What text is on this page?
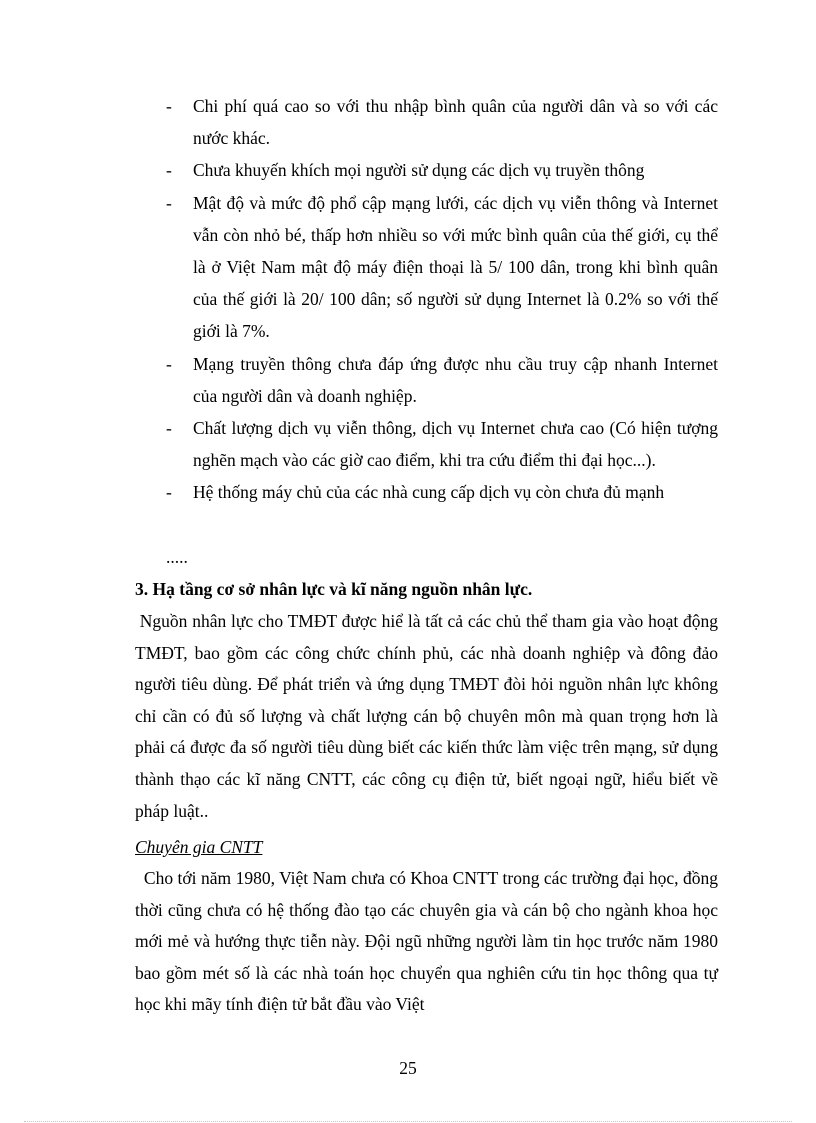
- Chi phí quá cao so với thu nhập bình quân của người dân và so với các nước khác.
- Chưa khuyến khích mọi người sử dụng các dịch vụ truyền thông
- Mật độ và mức độ phổ cập mạng lưới, các dịch vụ viễn thông và Internet vẫn còn nhỏ bé, thấp hơn nhiều so với mức bình quân của thế giới, cụ thể là ở Việt Nam mật độ máy điện thoại là 5/ 100 dân, trong khi bình quân của thế giới là 20/ 100 dân; số người sử dụng Internet là 0.2% so với thế giới là 7%.
- Mạng truyền thông chưa đáp ứng được nhu cầu truy cập nhanh Internet của người dân và doanh nghiệp.
- Chất lượng dịch vụ viễn thông, dịch vụ Internet chưa cao (Có hiện tượng nghẽn mạch vào các giờ cao điểm, khi tra cứu điểm thi đại học...).
- Hệ thống máy chủ của các nhà cung cấp dịch vụ còn chưa đủ mạnh
.....
3. Hạ tầng cơ sở nhân lực và kĩ năng nguồn nhân lực.
Nguồn nhân lực cho TMĐT được hiể là tất cả các chủ thể tham gia vào hoạt động TMĐT, bao gồm các công chức chính phủ, các nhà doanh nghiệp và đông đảo người tiêu dùng. Để phát triển và ứng dụng TMĐT đòi hỏi nguồn nhân lực không chỉ cần có đủ số lượng và chất lượng cán bộ chuyên môn mà quan trọng hơn là phải cá được đa số người tiêu dùng biết các kiến thức làm việc trên mạng, sử dụng thành thạo các kĩ năng CNTT, các công cụ điện tử, biết ngoại ngữ, hiểu biết về pháp luật..
Chuyên gia CNTT
Cho tới năm 1980, Việt Nam chưa có Khoa CNTT trong các trường đại học, đồng thời cũng chưa có hệ thống đào tạo các chuyên gia và cán bộ cho ngành khoa học mới mẻ và hướng thực tiễn này. Đội ngũ những người làm tin học trước năm 1980 bao gồm mét số là các nhà toán học chuyển qua nghiên cứu tin học thông qua tự học khi mãy tính điện tử bắt đầu vào Việt
25
